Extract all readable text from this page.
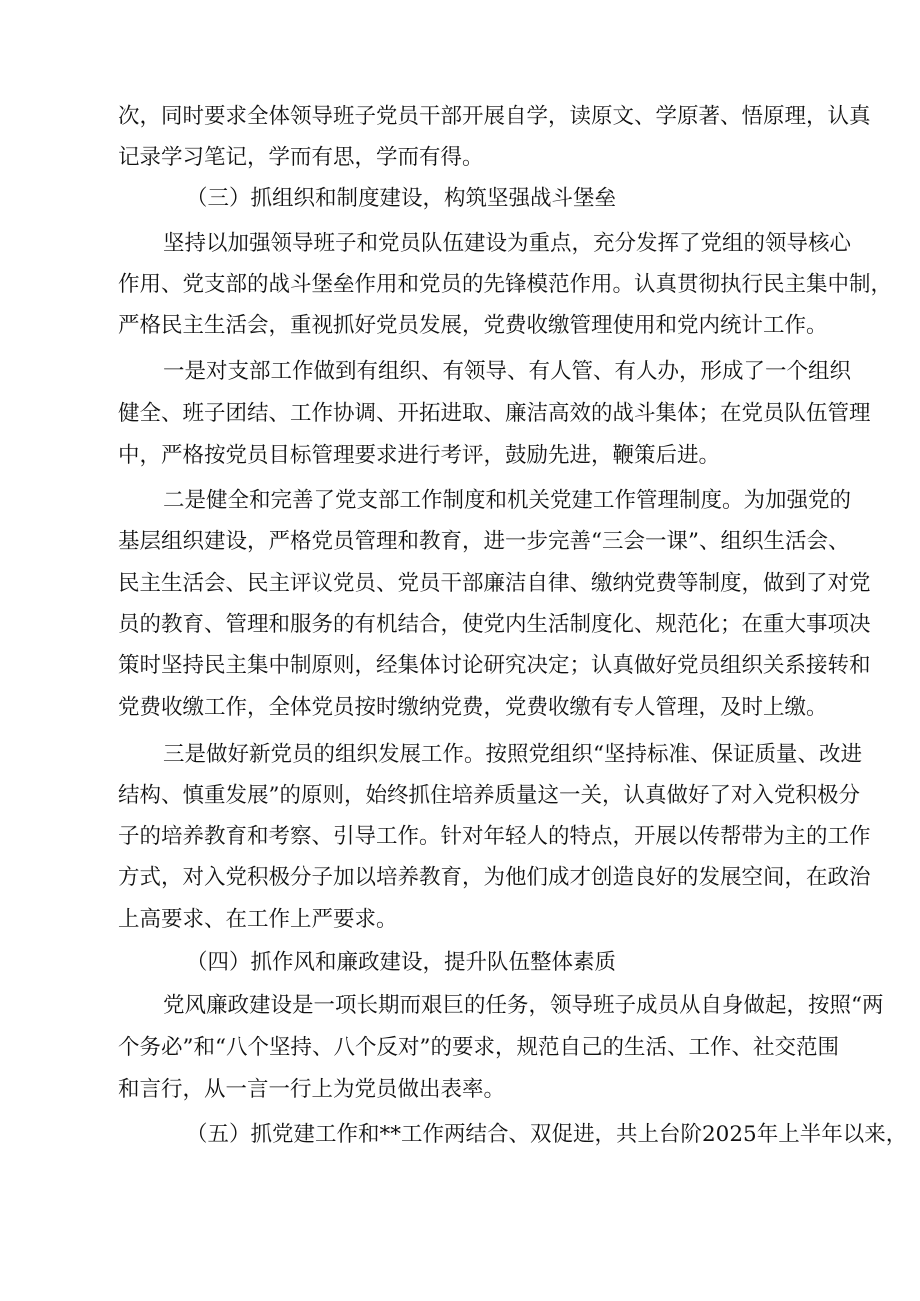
次，同时要求全体领导班子党员干部开展自学，读原文、学原著、悟原理，认真
记录学习笔记，学而有思，学而有得。
（三）抓组织和制度建设，构筑坚强战斗堡垒
坚持以加强领导班子和党员队伍建设为重点，充分发挥了党组的领导核心
作用、党支部的战斗堡垒作用和党员的先锋模范作用。认真贯彻执行民主集中制，
严格民主生活会，重视抓好党员发展，党费收缴管理使用和党内统计工作。
一是对支部工作做到有组织、有领导、有人管、有人办，形成了一个组织
健全、班子团结、工作协调、开拓进取、廉洁高效的战斗集体；在党员队伍管理
中，严格按党员目标管理要求进行考评，鼓励先进，鞭策后进。
二是健全和完善了党支部工作制度和机关党建工作管理制度。为加强党的
基层组织建设，严格党员管理和教育，进一步完善“三会一课”、组织生活会、
民主生活会、民主评议党员、党员干部廉洁自律、缴纳党费等制度，做到了对党
员的教育、管理和服务的有机结合，使党内生活制度化、规范化；在重大事项决
策时坚持民主集中制原则，经集体讨论研究决定；认真做好党员组织关系接转和
党费收缴工作，全体党员按时缴纳党费，党费收缴有专人管理，及时上缴。
三是做好新党员的组织发展工作。按照党组织“坚持标准、保证质量、改进
结构、慎重发展”的原则，始终抓住培养质量这一关，认真做好了对入党积极分
子的培养教育和考察、引导工作。针对年轻人的特点，开展以传帮带为主的工作
方式，对入党积极分子加以培养教育，为他们成才创造良好的发展空间，在政治
上高要求、在工作上严要求。
（四）抓作风和廉政建设，提升队伍整体素质
党风廉政建设是一项长期而艰巨的任务，领导班子成员从自身做起，按照“两
个务必”和“八个坚持、八个反对”的要求，规范自己的生活、工作、社交范围
和言行，从一言一行上为党员做出表率。
（五）抓党建工作和**工作两结合、双促进，共上台阶2025年上半年以来，
